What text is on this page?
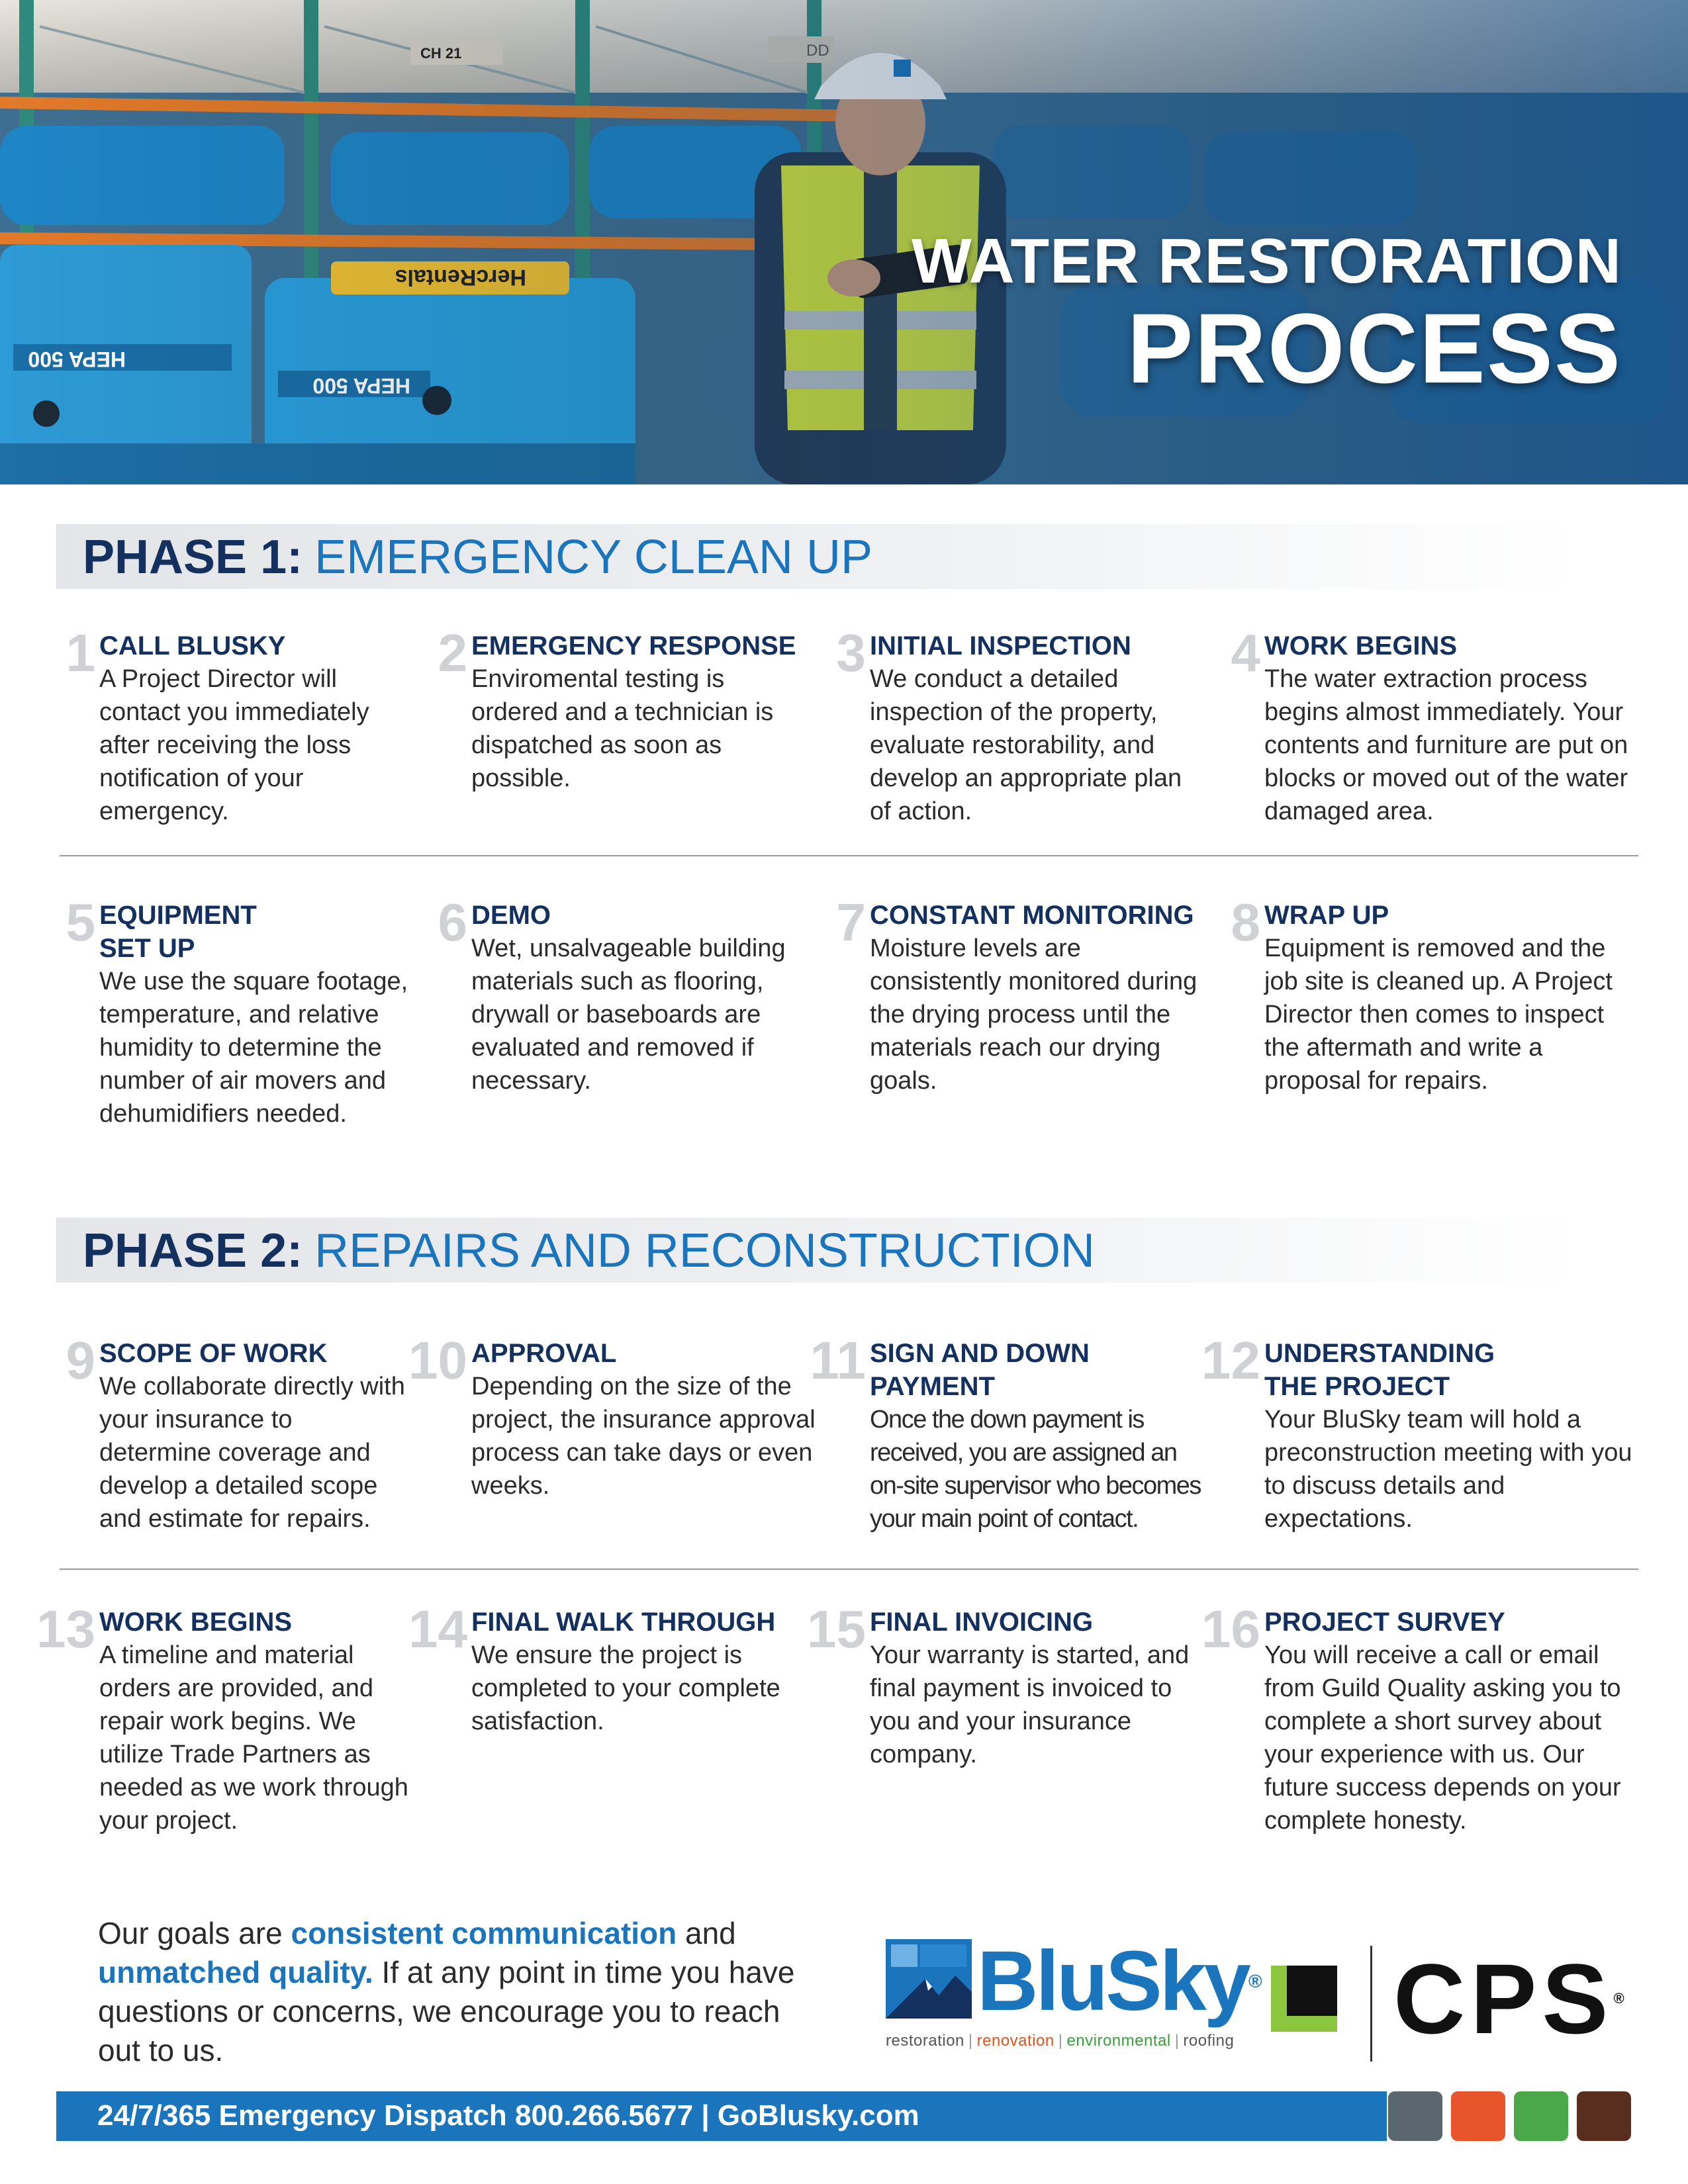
WATER RESTORATION
PROCESS
PHASE 1: EMERGENCY CLEAN UP
1 CALL BLUSKY
A Project Director will contact you immediately after receiving the loss notification of your emergency.
2 EMERGENCY RESPONSE
Enviromental testing is ordered and a technician is dispatched as soon as possible.
3 INITIAL INSPECTION
We conduct a detailed inspection of the property, evaluate restorability, and develop an appropriate plan of action.
4 WORK BEGINS
The water extraction process begins almost immediately. Your contents and furniture are put on blocks or moved out of the water damaged area.
5 EQUIPMENT SET UP
We use the square footage, temperature, and relative humidity to determine the number of air movers and dehumidifiers needed.
6 DEMO
Wet, unsalvageable building materials such as flooring, drywall or baseboards are evaluated and removed if necessary.
7 CONSTANT MONITORING
Moisture levels are consistently monitored during the drying process until the materials reach our drying goals.
8 WRAP UP
Equipment is removed and the job site is cleaned up. A Project Director then comes to inspect the aftermath and write a proposal for repairs.
PHASE 2: REPAIRS AND RECONSTRUCTION
9 SCOPE OF WORK
We collaborate directly with your insurance to determine coverage and develop a detailed scope and estimate for repairs.
10 APPROVAL
Depending on the size of the project, the insurance approval process can take days or even weeks.
11 SIGN AND DOWN PAYMENT
Once the down payment is received, you are assigned an on-site supervisor who becomes your main point of contact.
12 UNDERSTANDING THE PROJECT
Your BluSky team will hold a preconstruction meeting with you to discuss details and expectations.
13 WORK BEGINS
A timeline and material orders are provided, and repair work begins. We utilize Trade Partners as needed as we work through your project.
14 FINAL WALK THROUGH
We ensure the project is completed to your complete satisfaction.
15 FINAL INVOICING
Your warranty is started, and final payment is invoiced to you and your insurance company.
16 PROJECT SURVEY
You will receive a call or email from Guild Quality asking you to complete a short survey about your experience with us. Our future success depends on your complete honesty.
Our goals are consistent communication and unmatched quality. If at any point in time you have questions or concerns, we encourage you to reach out to us.
BluSky®
restoration | renovation | environmental | roofing CPS®
24/7/365 Emergency Dispatch 800.266.5677 | GoBlusky.com
